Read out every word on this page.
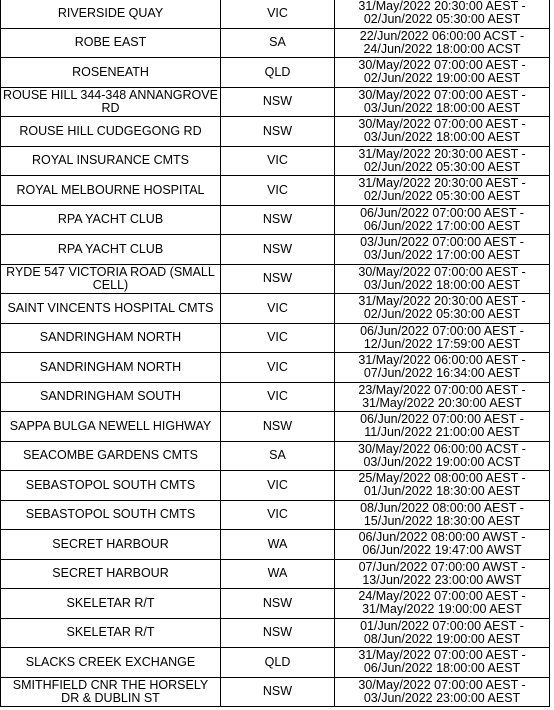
RIVERSIDE QUAY	VIC	31/May/2022 20:30:00 AEST -
02/Jun/2022 05:30:00 AEST
ROBE EAST	SA	22/Jun/2022 06:00:00 ACST -
24/Jun/2022 18:00:00 ACST
ROSENEATH	QLD	30/May/2022 07:00:00 AEST -
02/Jun/2022 19:00:00 AEST
ROUSE HILL 344-348 ANNANGROVE RD	NSW	30/May/2022 07:00:00 AEST -
03/Jun/2022 18:00:00 AEST
ROUSE HILL CUDGEGONG RD	NSW	30/May/2022 07:00:00 AEST -
03/Jun/2022 18:00:00 AEST
ROYAL INSURANCE CMTS	VIC	31/May/2022 20:30:00 AEST -
02/Jun/2022 05:30:00 AEST
ROYAL MELBOURNE HOSPITAL	VIC	31/May/2022 20:30:00 AEST -
02/Jun/2022 05:30:00 AEST
RPA YACHT CLUB	NSW	06/Jun/2022 07:00:00 AEST -
06/Jun/2022 17:00:00 AEST
RPA YACHT CLUB	NSW	03/Jun/2022 07:00:00 AEST -
03/Jun/2022 17:00:00 AEST
RYDE 547 VICTORIA ROAD (SMALL CELL)	NSW	30/May/2022 07:00:00 AEST -
03/Jun/2022 18:00:00 AEST
SAINT VINCENTS HOSPITAL CMTS	VIC	31/May/2022 20:30:00 AEST -
02/Jun/2022 05:30:00 AEST
SANDRINGHAM NORTH	VIC	06/Jun/2022 07:00:00 AEST -
12/Jun/2022 17:59:00 AEST
SANDRINGHAM NORTH	VIC	31/May/2022 06:00:00 AEST -
07/Jun/2022 16:34:00 AEST
SANDRINGHAM SOUTH	VIC	23/May/2022 07:00:00 AEST -
31/May/2022 20:30:00 AEST
SAPPA BULGA NEWELL HIGHWAY	NSW	06/Jun/2022 07:00:00 AEST -
11/Jun/2022 21:00:00 AEST
SEACOMBE GARDENS CMTS	SA	30/May/2022 06:00:00 ACST -
03/Jun/2022 19:00:00 ACST
SEBASTOPOL SOUTH CMTS	VIC	25/May/2022 08:00:00 AEST -
01/Jun/2022 18:30:00 AEST
SEBASTOPOL SOUTH CMTS	VIC	08/Jun/2022 08:00:00 AEST -
15/Jun/2022 18:30:00 AEST
SECRET HARBOUR	WA	06/Jun/2022 08:00:00 AWST -
06/Jun/2022 19:47:00 AWST
SECRET HARBOUR	WA	07/Jun/2022 07:00:00 AWST -
13/Jun/2022 23:00:00 AWST
SKELETAR R/T	NSW	24/May/2022 07:00:00 AEST -
31/May/2022 19:00:00 AEST
SKELETAR R/T	NSW	01/Jun/2022 07:00:00 AEST -
08/Jun/2022 19:00:00 AEST
SLACKS CREEK EXCHANGE	QLD	31/May/2022 07:00:00 AEST -
06/Jun/2022 18:00:00 AEST
SMITHFIELD CNR THE HORSELY DR & DUBLIN ST	NSW	30/May/2022 07:00:00 AEST -
03/Jun/2022 23:00:00 AEST
